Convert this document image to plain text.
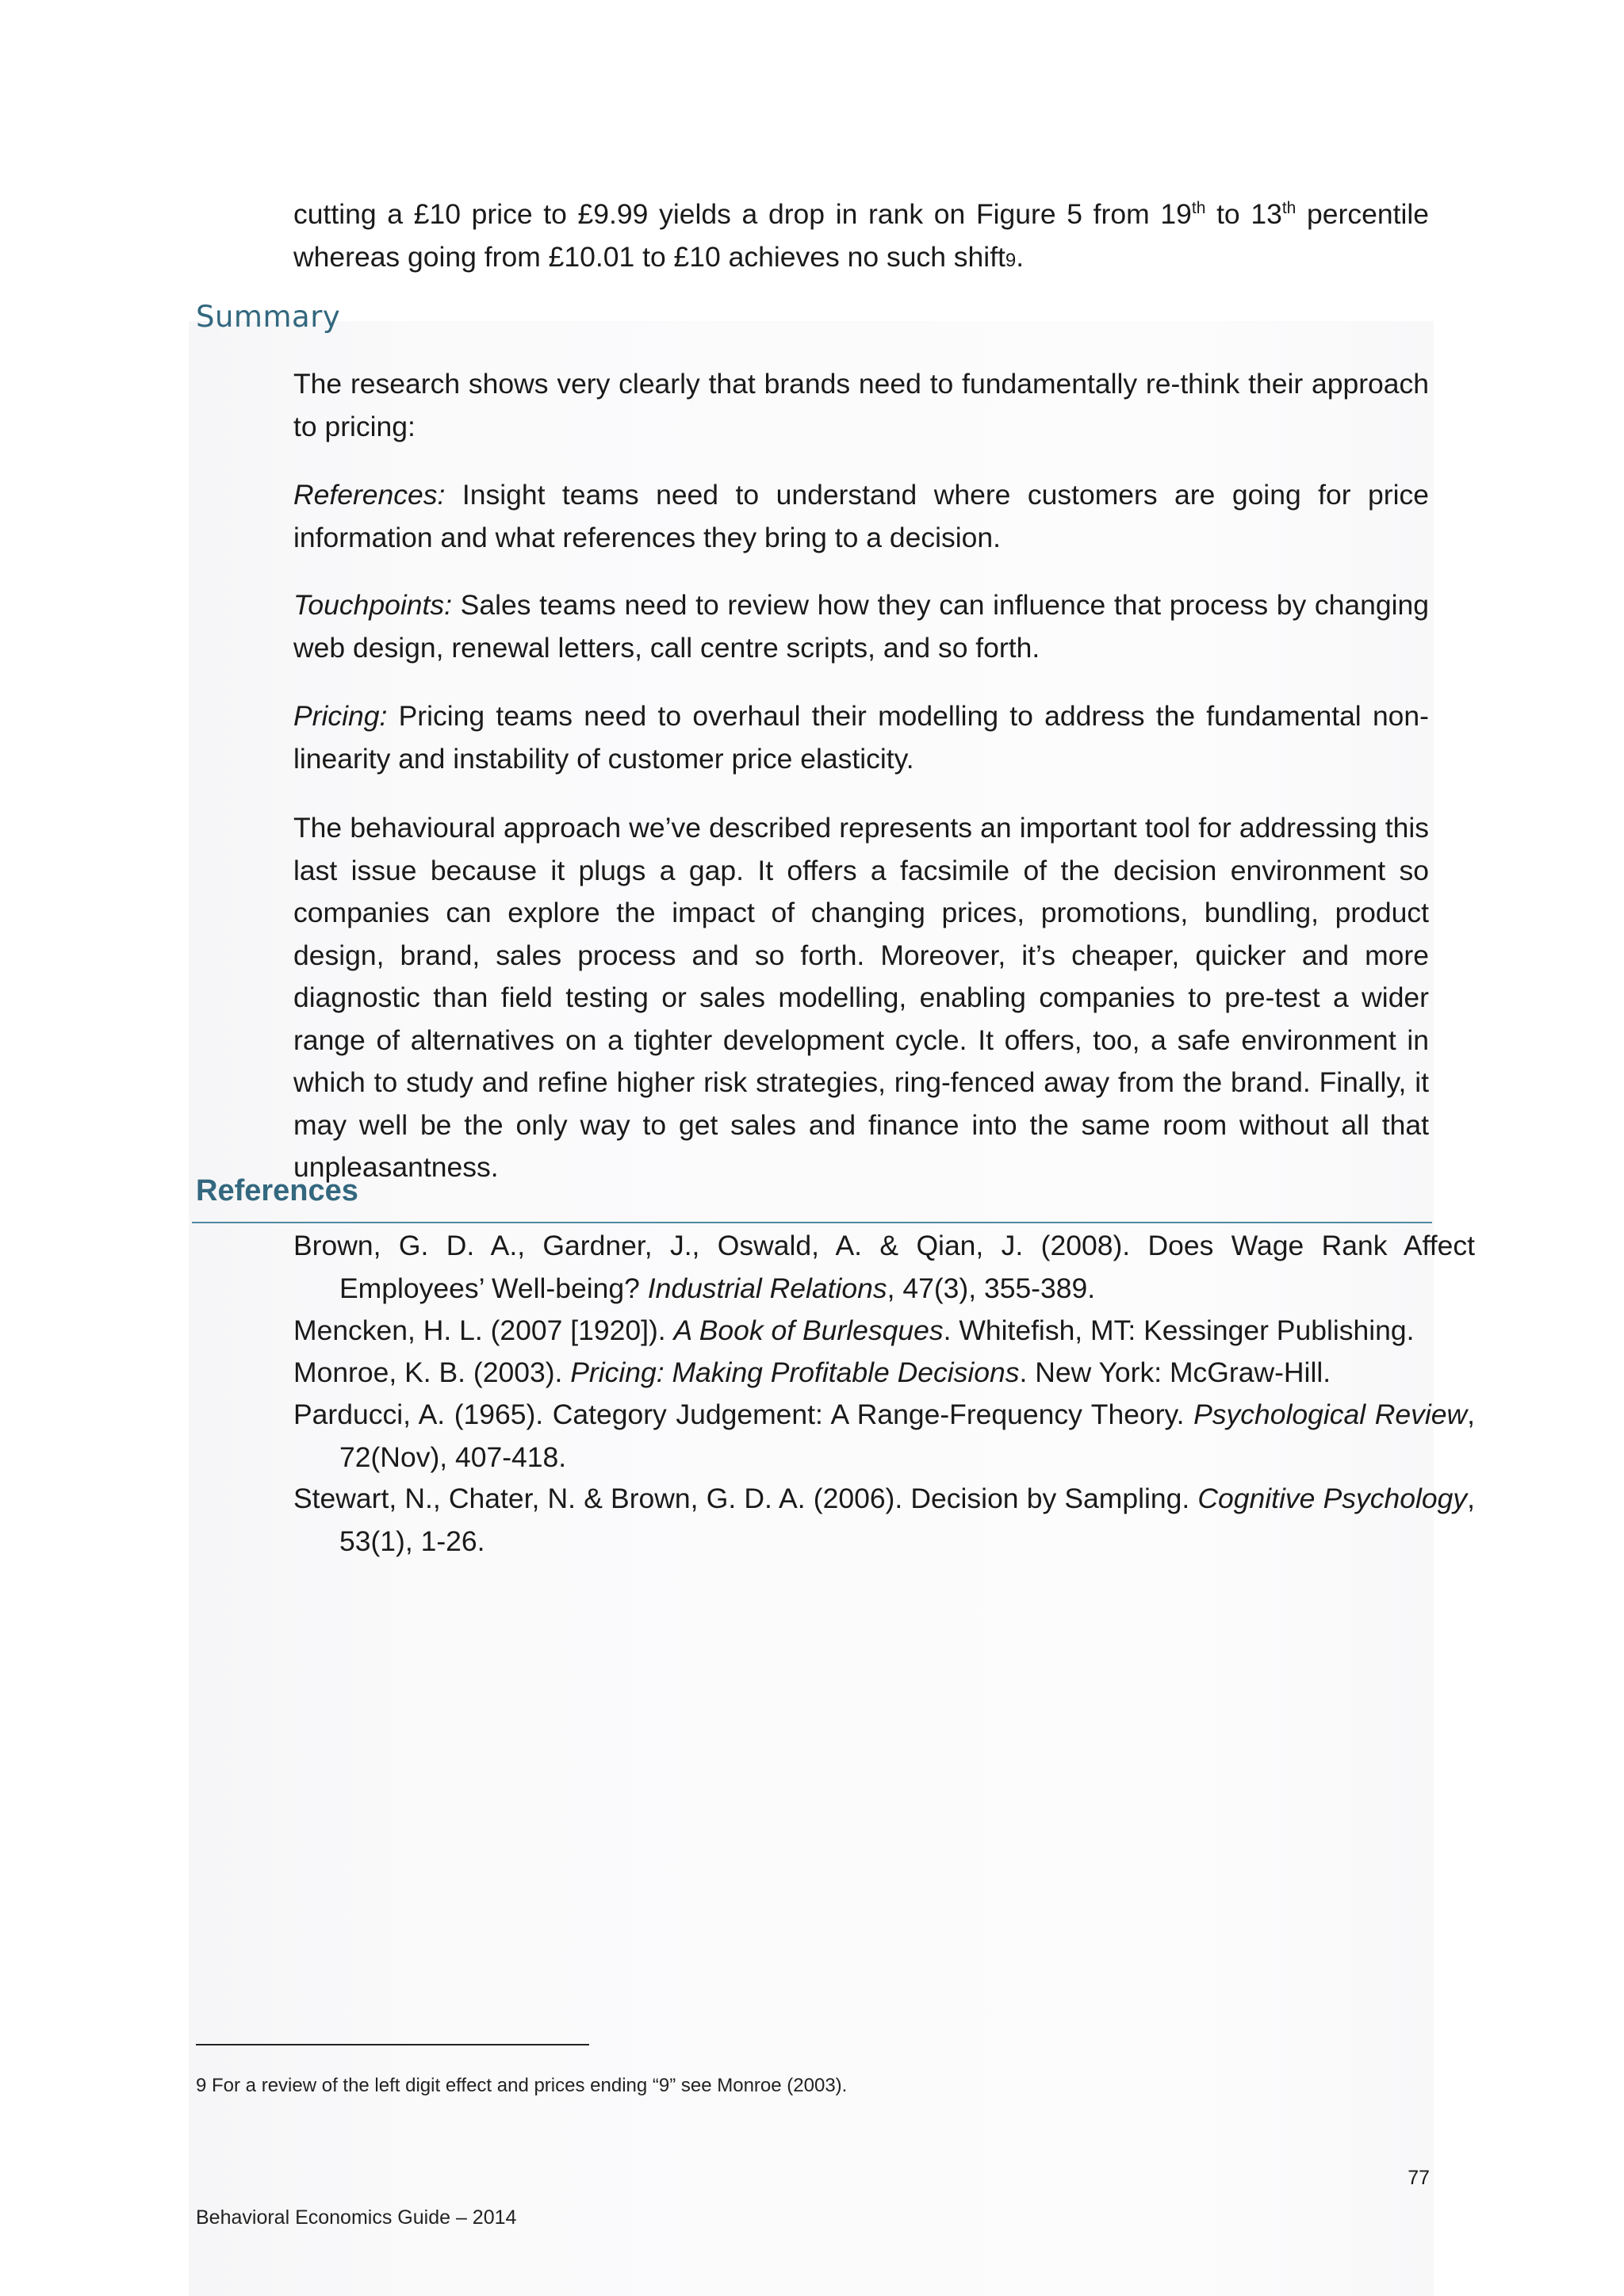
cutting a £10 price to £9.99 yields a drop in rank on Figure 5 from 19th to 13th percentile whereas going from £10.01 to £10 achieves no such shift9.

Summary

The research shows very clearly that brands need to fundamentally re-think their approach to pricing:

References: Insight teams need to understand where customers are going for price information and what references they bring to a decision.

Touchpoints: Sales teams need to review how they can influence that process by changing web design, renewal letters, call centre scripts, and so forth.

Pricing: Pricing teams need to overhaul their modelling to address the fundamental non-linearity and instability of customer price elasticity.

The behavioural approach we’ve described represents an important tool for addressing this last issue because it plugs a gap. It offers a facsimile of the decision environment so companies can explore the impact of changing prices, promotions, bundling, product design, brand, sales process and so forth. Moreover, it’s cheaper, quicker and more diagnostic than field testing or sales modelling, enabling companies to pre-test a wider range of alternatives on a tighter development cycle. It offers, too, a safe environment in which to study and refine higher risk strategies, ring-fenced away from the brand. Finally, it may well be the only way to get sales and finance into the same room without all that unpleasantness.

References

Brown, G. D. A., Gardner, J., Oswald, A. & Qian, J. (2008). Does Wage Rank Affect Employees’ Well-being? Industrial Relations, 47(3), 355-389.

Mencken, H. L. (2007 [1920]). A Book of Burlesques. Whitefish, MT: Kessinger Publishing.

Monroe, K. B. (2003). Pricing: Making Profitable Decisions. New York: McGraw-Hill.

Parducci, A. (1965). Category Judgement: A Range-Frequency Theory. Psychological Review, 72(Nov), 407-418.

Stewart, N., Chater, N. & Brown, G. D. A. (2006). Decision by Sampling. Cognitive Psychology, 53(1), 1-26.

9 For a review of the left digit effect and prices ending “9” see Monroe (2003).

77

Behavioral Economics Guide – 2014
